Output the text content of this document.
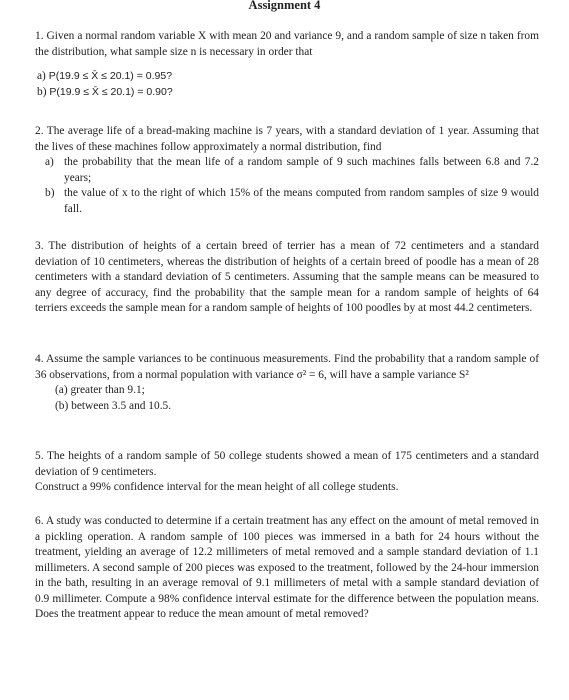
Assignment 4
1. Given a normal random variable X with mean 20 and variance 9, and a random sample of size n taken from the distribution, what sample size n is necessary in order that
a) P(19.9 ≤ X̄ ≤ 20.1) = 0.95?
b) P(19.9 ≤ X̄ ≤ 20.1) = 0.90?
2. The average life of a bread-making machine is 7 years, with a standard deviation of 1 year. Assuming that the lives of these machines follow approximately a normal distribution, find
a) the probability that the mean life of a random sample of 9 such machines falls between 6.8 and 7.2 years;
b) the value of x to the right of which 15% of the means computed from random samples of size 9 would fall.
3. The distribution of heights of a certain breed of terrier has a mean of 72 centimeters and a standard deviation of 10 centimeters, whereas the distribution of heights of a certain breed of poodle has a mean of 28 centimeters with a standard deviation of 5 centimeters. Assuming that the sample means can be measured to any degree of accuracy, find the probability that the sample mean for a random sample of heights of 64 terriers exceeds the sample mean for a random sample of heights of 100 poodles by at most 44.2 centimeters.
4. Assume the sample variances to be continuous measurements. Find the probability that a random sample of 36 observations, from a normal population with variance σ² = 6, will have a sample variance S²
(a) greater than 9.1;
(b) between 3.5 and 10.5.
5. The heights of a random sample of 50 college students showed a mean of 175 centimeters and a standard deviation of 9 centimeters.
Construct a 99% confidence interval for the mean height of all college students.
6. A study was conducted to determine if a certain treatment has any effect on the amount of metal removed in a pickling operation. A random sample of 100 pieces was immersed in a bath for 24 hours without the treatment, yielding an average of 12.2 millimeters of metal removed and a sample standard deviation of 1.1 millimeters. A second sample of 200 pieces was exposed to the treatment, followed by the 24-hour immersion in the bath, resulting in an average removal of 9.1 millimeters of metal with a sample standard deviation of 0.9 millimeter. Compute a 98% confidence interval estimate for the difference between the population means. Does the treatment appear to reduce the mean amount of metal removed?
